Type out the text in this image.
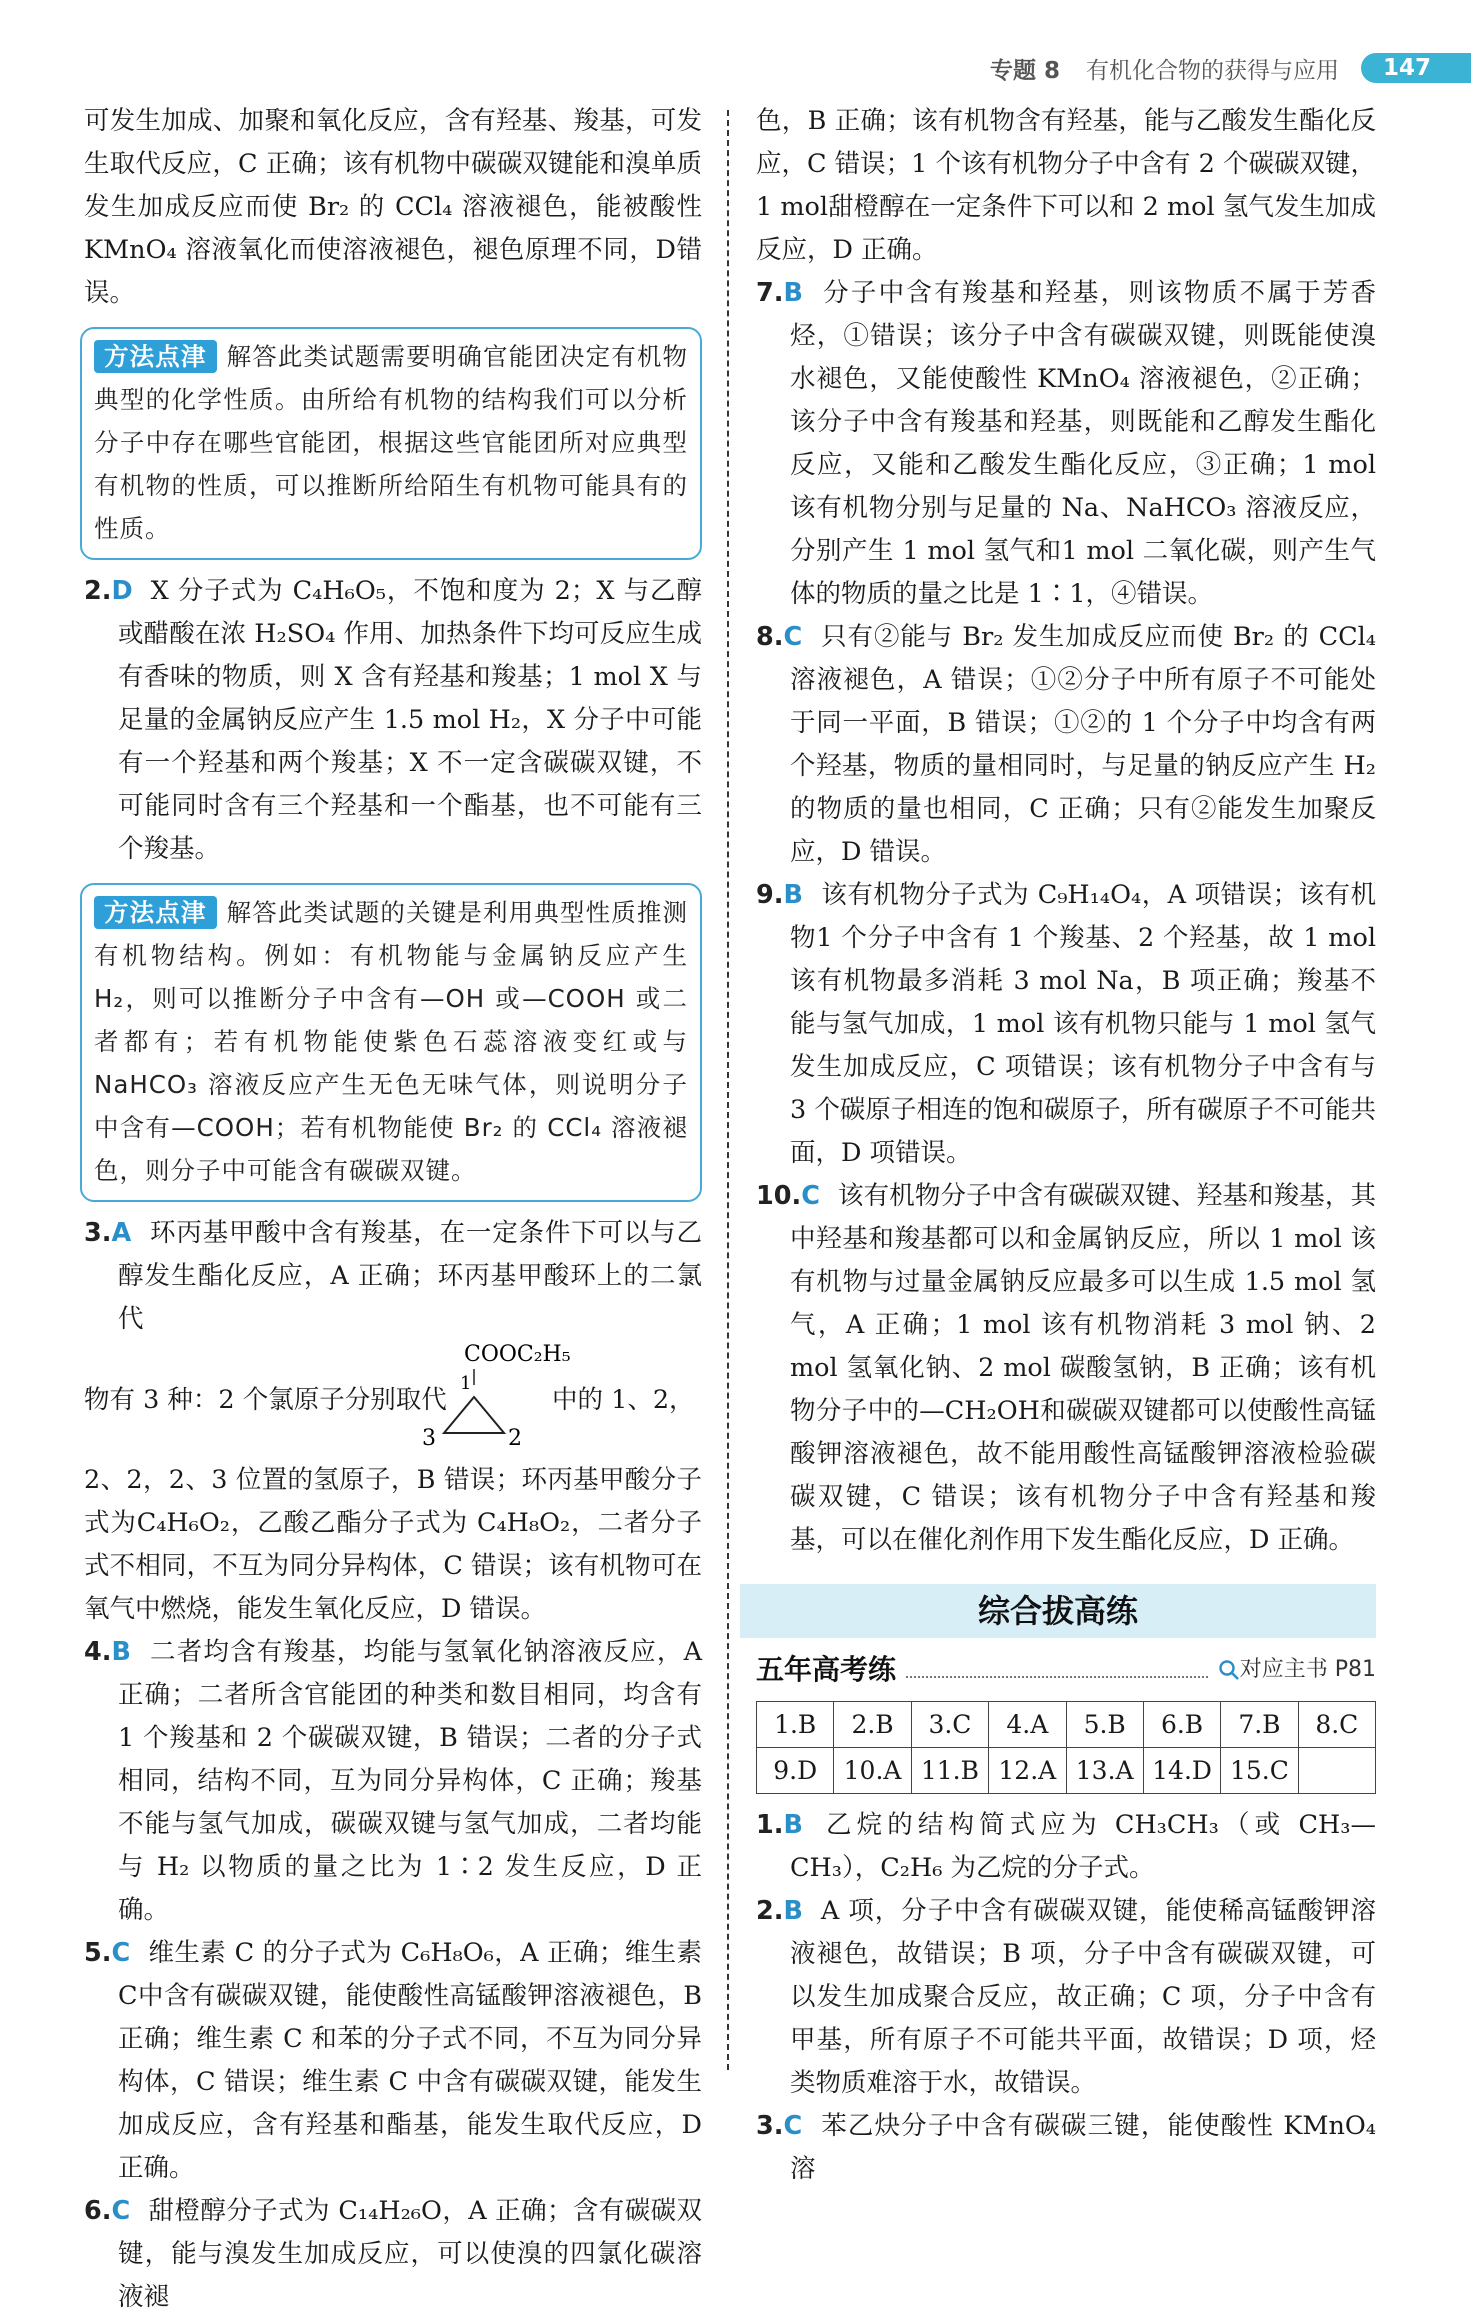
专题 8 有机化合物的获得与应用	147

可发生加成、加聚和氧化反应，含有羟基、羧基，可发生取代反应，C 正确；该有机物中碳碳双键能和溴单质发生加成反应而使 Br₂ 的 CCl₄ 溶液褪色，能被酸性KMnO₄ 溶液氧化而使溶液褪色，褪色原理不同，D错误。

方法点津 解答此类试题需要明确官能团决定有机物典型的化学性质。由所给有机物的结构我们可以分析分子中存在哪些官能团，根据这些官能团所对应典型有机物的性质，可以推断所给陌生有机物可能具有的性质。

2.D X 分子式为 C₄H₆O₅，不饱和度为 2；X 与乙醇或醋酸在浓 H₂SO₄ 作用、加热条件下均可反应生成有香味的物质，则 X 含有羟基和羧基；1 mol X 与足量的金属钠反应产生 1.5 mol H₂，X 分子中可能有一个羟基和两个羧基；X 不一定含碳碳双键，不可能同时含有三个羟基和一个酯基，也不可能有三个羧基。

方法点津 解答此类试题的关键是利用典型性质推测有机物结构。例如：有机物能与金属钠反应产生 H₂，则可以推断分子中含有—OH 或—COOH 或二者都有；若有机物能使紫色石蕊溶液变红或与NaHCO₃ 溶液反应产生无色无味气体，则说明分子中含有—COOH；若有机物能使 Br₂ 的 CCl₄ 溶液褪色，则分子中可能含有碳碳双键。

3.A 环丙基甲酸中含有羧基，在一定条件下可以与乙醇发生酯化反应，A 正确；环丙基甲酸环上的二氯代

物有 3 种：2 个氯原子分别取代
COOC₂H₅
1
3	2
中的 1、2，

2、2，2、3 位置的氢原子，B 错误；环丙基甲酸分子式为C₄H₆O₂，乙酸乙酯分子式为 C₄H₈O₂，二者分子式不相同，不互为同分异构体，C 错误；该有机物可在氧气中燃烧，能发生氧化反应，D 错误。

4.B 二者均含有羧基，均能与氢氧化钠溶液反应，A 正确；二者所含官能团的种类和数目相同，均含有 1 个羧基和 2 个碳碳双键，B 错误；二者的分子式相同，结构不同，互为同分异构体，C 正确；羧基不能与氢气加成，碳碳双键与氢气加成，二者均能与 H₂ 以物质的量之比为 1∶2 发生反应，D 正确。

5.C 维生素 C 的分子式为 C₆H₈O₆，A 正确；维生素 C中含有碳碳双键，能使酸性高锰酸钾溶液褪色，B 正确；维生素 C 和苯的分子式不同，不互为同分异构体，C 错误；维生素 C 中含有碳碳双键，能发生加成反应，含有羟基和酯基，能发生取代反应，D 正确。

6.C 甜橙醇分子式为 C₁₄H₂₆O，A 正确；含有碳碳双键，能与溴发生加成反应，可以使溴的四氯化碳溶液褪

色，B 正确；该有机物含有羟基，能与乙酸发生酯化反应，C 错误；1 个该有机物分子中含有 2 个碳碳双键，1 mol甜橙醇在一定条件下可以和 2 mol 氢气发生加成反应，D 正确。

7.B 分子中含有羧基和羟基，则该物质不属于芳香烃，①错误；该分子中含有碳碳双键，则既能使溴水褪色，又能使酸性 KMnO₄ 溶液褪色，②正确；该分子中含有羧基和羟基，则既能和乙醇发生酯化反应，又能和乙酸发生酯化反应，③正确；1 mol 该有机物分别与足量的 Na、NaHCO₃ 溶液反应，分别产生 1 mol 氢气和1 mol 二氧化碳，则产生气体的物质的量之比是 1∶1，④错误。

8.C 只有②能与 Br₂ 发生加成反应而使 Br₂ 的 CCl₄ 溶液褪色，A 错误；①②分子中所有原子不可能处于同一平面，B 错误；①②的 1 个分子中均含有两个羟基，物质的量相同时，与足量的钠反应产生 H₂ 的物质的量也相同，C 正确；只有②能发生加聚反应，D 错误。

9.B 该有机物分子式为 C₉H₁₄O₄，A 项错误；该有机物1 个分子中含有 1 个羧基、2 个羟基，故 1 mol 该有机物最多消耗 3 mol Na，B 项正确；羧基不能与氢气加成，1 mol 该有机物只能与 1 mol 氢气发生加成反应，C 项错误；该有机物分子中含有与 3 个碳原子相连的饱和碳原子，所有碳原子不可能共面，D 项错误。

10.C 该有机物分子中含有碳碳双键、羟基和羧基，其中羟基和羧基都可以和金属钠反应，所以 1 mol 该有机物与过量金属钠反应最多可以生成 1.5 mol 氢气，A 正确；1 mol 该有机物消耗 3 mol 钠、2 mol 氢氧化钠、2 mol 碳酸氢钠，B 正确；该有机物分子中的—CH₂OH和碳碳双键都可以使酸性高锰酸钾溶液褪色，故不能用酸性高锰酸钾溶液检验碳碳双键，C 错误；该有机物分子中含有羟基和羧基，可以在催化剂作用下发生酯化反应，D 正确。

综合拔高练
五年高考练	对应主书 P81
1.B	2.B	3.C	4.A	5.B	6.B	7.B	8.C
9.D	10.A	11.B	12.A	13.A	14.D	15.C	

1.B 乙烷的结构简式应为 CH₃CH₃（或 CH₃—CH₃），C₂H₆ 为乙烷的分子式。

2.B A 项，分子中含有碳碳双键，能使稀高锰酸钾溶液褪色，故错误；B 项，分子中含有碳碳双键，可以发生加成聚合反应，故正确；C 项，分子中含有甲基，所有原子不可能共平面，故错误；D 项，烃类物质难溶于水，故错误。

3.C 苯乙炔分子中含有碳碳三键，能使酸性 KMnO₄ 溶
